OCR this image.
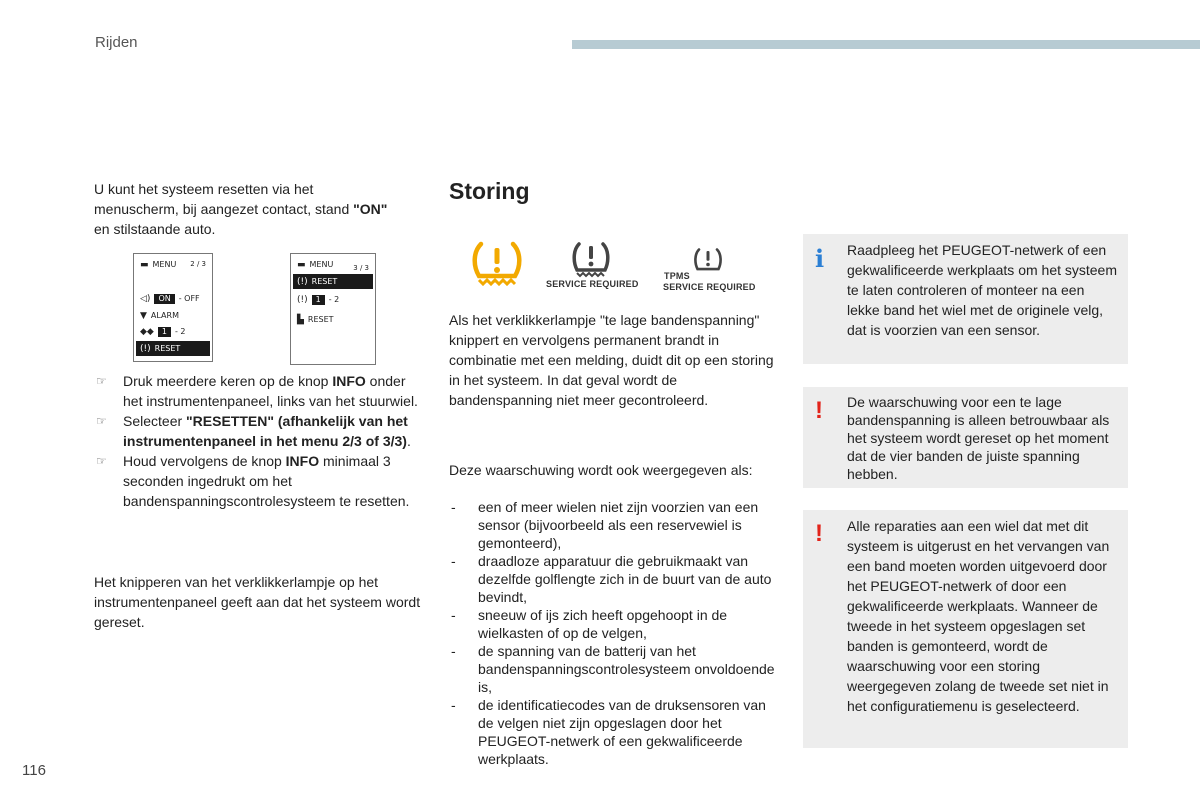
Rijden
U kunt het systeem resetten via het
menuscherm, bij aangezet contact, stand "ON"
en stilstaande auto.
▬ MENU 2 / 3
◁)	ON	- OFF
▼ ALARM
◆◆	1	- 2
(!) RESET
▬ MENU	3 / 3
(!) RESET
(!)	1	- 2
▙ RESET
☞ Druk meerdere keren op de knop INFO onder het instrumentenpaneel, links van het stuurwiel.
☞ Selecteer "RESETTEN" (afhankelijk van het instrumentenpaneel in het menu 2/3 of 3/3).
☞ Houd vervolgens de knop INFO minimaal 3 seconden ingedrukt om het bandenspanningscontrolesysteem te resetten.
Het knipperen van het verklikkerlampje op het instrumentenpaneel geeft aan dat het systeem wordt gereset.
Storing
SERVICE REQUIRED
TPMS
SERVICE REQUIRED
Als het verklikkerlampje "te lage bandenspanning" knippert en vervolgens permanent brandt in combinatie met een melding, duidt dit op een storing in het systeem. In dat geval wordt de bandenspanning niet meer gecontroleerd.
Deze waarschuwing wordt ook weergegeven als:
- een of meer wielen niet zijn voorzien van een sensor (bijvoorbeeld als een reservewiel is gemonteerd),
- draadloze apparatuur die gebruikmaakt van dezelfde golflengte zich in de buurt van de auto bevindt,
- sneeuw of ijs zich heeft opgehoopt in de wielkasten of op de velgen,
- de spanning van de batterij van het bandenspanningscontrolesysteem onvoldoende is,
- de identificatiecodes van de druksensoren van de velgen niet zijn opgeslagen door het PEUGEOT-netwerk of een gekwalificeerde werkplaats.
i Raadpleeg het PEUGEOT-netwerk of een gekwalificeerde werkplaats om het systeem te laten controleren of monteer na een lekke band het wiel met de originele velg, dat is voorzien van een sensor.
! De waarschuwing voor een te lage bandenspanning is alleen betrouwbaar als het systeem wordt gereset op het moment dat de vier banden de juiste spanning hebben.
! Alle reparaties aan een wiel dat met dit systeem is uitgerust en het vervangen van een band moeten worden uitgevoerd door het PEUGEOT-netwerk of door een gekwalificeerde werkplaats. Wanneer de tweede in het systeem opgeslagen set banden is gemonteerd, wordt de waarschuwing voor een storing weergegeven zolang de tweede set niet in het configuratiemenu is geselecteerd.
116
